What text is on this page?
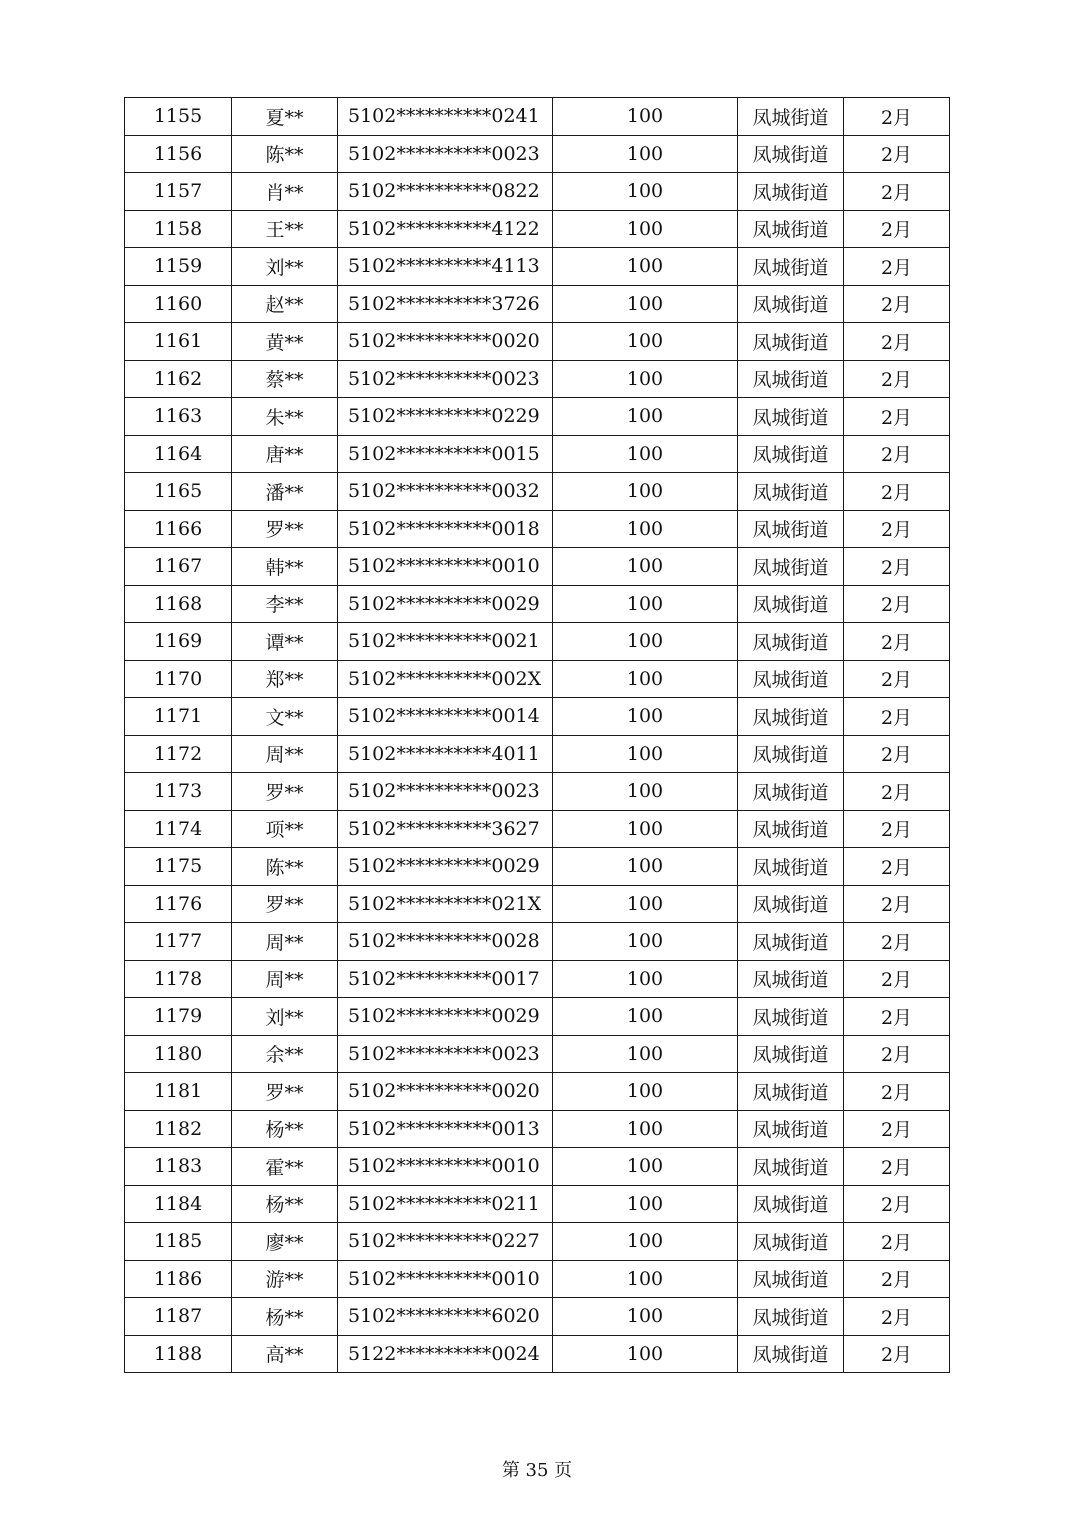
1155	夏**	5102**********0241	100	凤城街道	2月
1156	陈**	5102**********0023	100	凤城街道	2月
1157	肖**	5102**********0822	100	凤城街道	2月
1158	王**	5102**********4122	100	凤城街道	2月
1159	刘**	5102**********4113	100	凤城街道	2月
1160	赵**	5102**********3726	100	凤城街道	2月
1161	黄**	5102**********0020	100	凤城街道	2月
1162	蔡**	5102**********0023	100	凤城街道	2月
1163	朱**	5102**********0229	100	凤城街道	2月
1164	唐**	5102**********0015	100	凤城街道	2月
1165	潘**	5102**********0032	100	凤城街道	2月
1166	罗**	5102**********0018	100	凤城街道	2月
1167	韩**	5102**********0010	100	凤城街道	2月
1168	李**	5102**********0029	100	凤城街道	2月
1169	谭**	5102**********0021	100	凤城街道	2月
1170	郑**	5102**********002X	100	凤城街道	2月
1171	文**	5102**********0014	100	凤城街道	2月
1172	周**	5102**********4011	100	凤城街道	2月
1173	罗**	5102**********0023	100	凤城街道	2月
1174	项**	5102**********3627	100	凤城街道	2月
1175	陈**	5102**********0029	100	凤城街道	2月
1176	罗**	5102**********021X	100	凤城街道	2月
1177	周**	5102**********0028	100	凤城街道	2月
1178	周**	5102**********0017	100	凤城街道	2月
1179	刘**	5102**********0029	100	凤城街道	2月
1180	余**	5102**********0023	100	凤城街道	2月
1181	罗**	5102**********0020	100	凤城街道	2月
1182	杨**	5102**********0013	100	凤城街道	2月
1183	霍**	5102**********0010	100	凤城街道	2月
1184	杨**	5102**********0211	100	凤城街道	2月
1185	廖**	5102**********0227	100	凤城街道	2月
1186	游**	5102**********0010	100	凤城街道	2月
1187	杨**	5102**********6020	100	凤城街道	2月
1188	高**	5122**********0024	100	凤城街道	2月
第 35 页
